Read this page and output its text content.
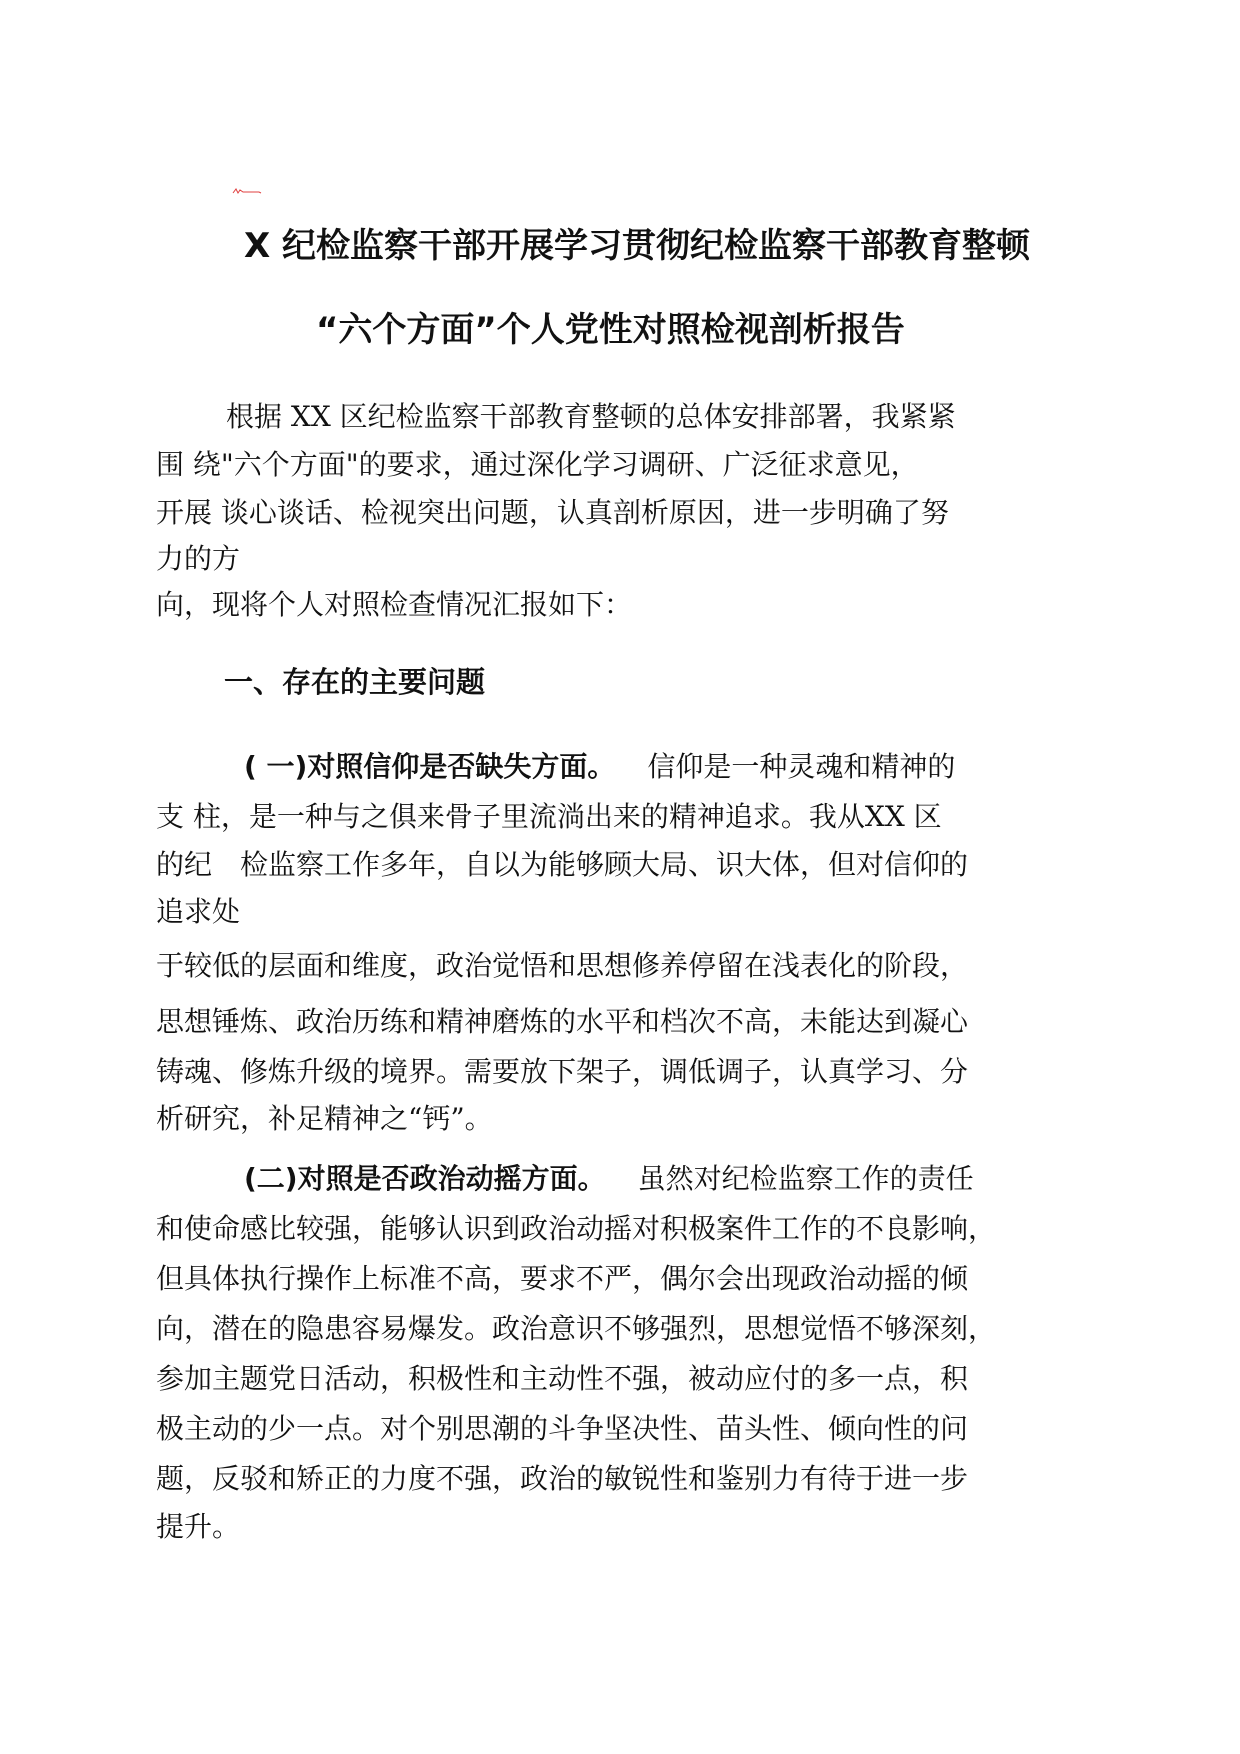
X 纪检监察干部开展学习贯彻纪检监察干部教育整顿

“六个方面”个人党性对照检视剖析报告

根据 XX 区纪检监察干部教育整顿的总体安排部署，我紧紧

围 绕"六个方面"的要求，通过深化学习调研、广泛征求意见，

开展 谈心谈话、检视突出问题，认真剖析原因，进一步明确了努

力的方

向，现将个人对照检查情况汇报如下：

一、存在的主要问题

( 一)对照信仰是否缺失方面。 信仰是一种灵魂和精神的

支 柱，是一种与之俱来骨子里流淌出来的精神追求。我从XX 区

的纪　检监察工作多年，自以为能够顾大局、识大体，但对信仰的

追求处

于较低的层面和维度，政治觉悟和思想修养停留在浅表化的阶段，

思想锤炼、政治历练和精神磨炼的水平和档次不高，未能达到凝心

铸魂、修炼升级的境界。需要放下架子，调低调子，认真学习、分

析研究，补足精神之“钙”。

(二)对照是否政治动摇方面。 虽然对纪检监察工作的责任

和使命感比较强，能够认识到政治动摇对积极案件工作的不良影响，

但具体执行操作上标准不高，要求不严，偶尔会出现政治动摇的倾

向，潜在的隐患容易爆发。政治意识不够强烈，思想觉悟不够深刻，

参加主题党日活动，积极性和主动性不强，被动应付的多一点，积

极主动的少一点。对个别思潮的斗争坚决性、苗头性、倾向性的问

题，反驳和矫正的力度不强，政治的敏锐性和鉴别力有待于进一步

提升。
